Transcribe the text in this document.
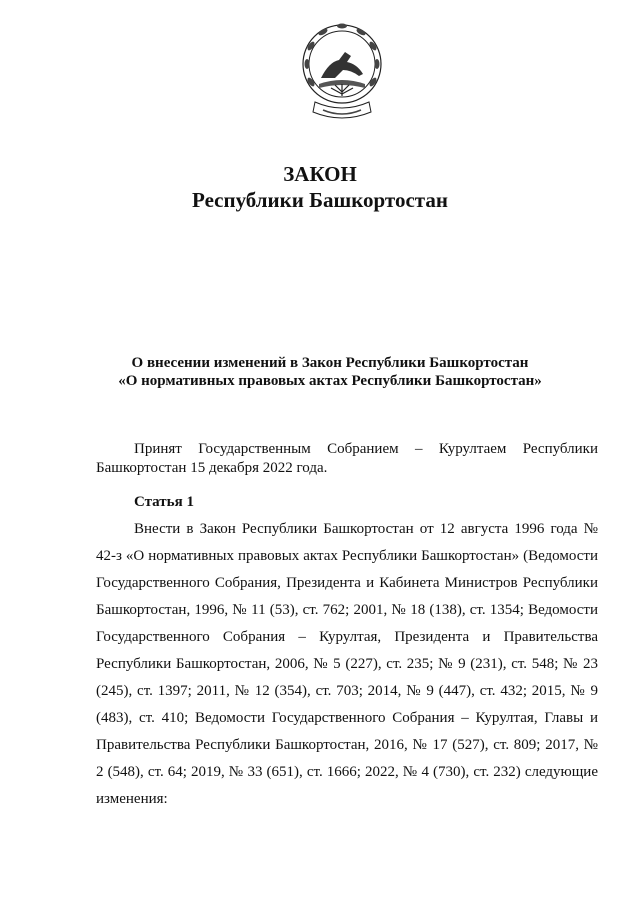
ЗАКОН
Республики Башкортостан
О внесении изменений в Закон Республики Башкортостан
«О нормативных правовых актах Республики Башкортостан»

Принят Государственным Собранием – Курултаем Республики Башкортостан 15 декабря 2022 года.

Статья 1

Внести в Закон Республики Башкортостан от 12 августа 1996 года № 42-з «О нормативных правовых актах Республики Башкортостан» (Ведомости Государственного Собрания, Президента и Кабинета Министров Республики Башкортостан, 1996, № 11 (53), ст. 762; 2001, № 18 (138), ст. 1354; Ведомости Государственного Собрания – Курултая, Президента и Правительства Республики Башкортостан, 2006, № 5 (227), ст. 235; № 9 (231), ст. 548; № 23 (245), ст. 1397; 2011, № 12 (354), ст. 703; 2014, № 9 (447), ст. 432; 2015, № 9 (483), ст. 410; Ведомости Государственного Собрания – Курултая, Главы и Правительства Республики Башкортостан, 2016, № 17 (527), ст. 809; 2017, № 2 (548), ст. 64; 2019, № 33 (651), ст. 1666; 2022, № 4 (730), ст. 232) следующие изменения:
